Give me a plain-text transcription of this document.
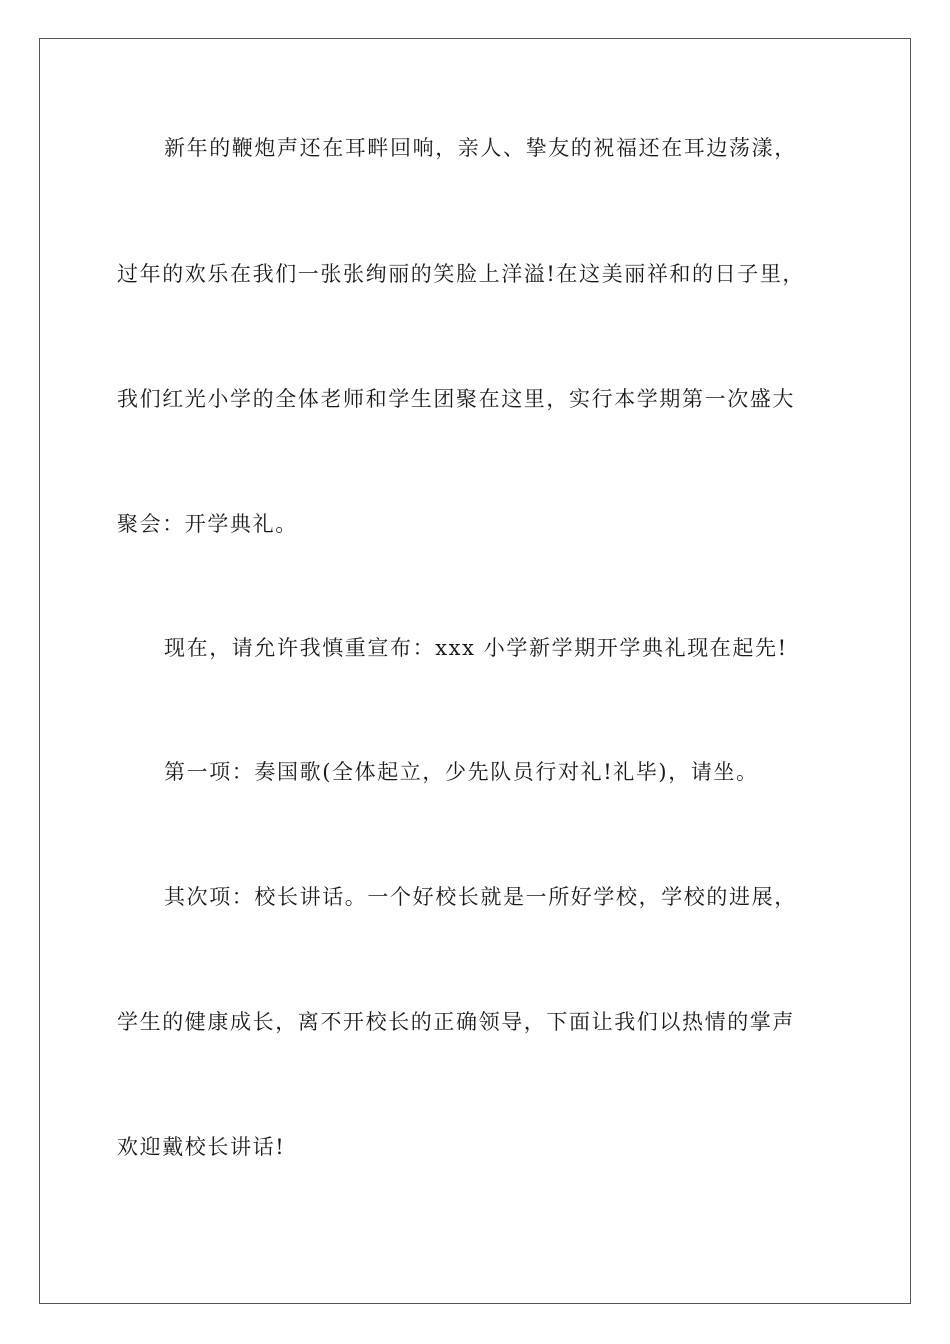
新年的鞭炮声还在耳畔回响，亲人、挚友的祝福还在耳边荡漾，

过年的欢乐在我们一张张绚丽的笑脸上洋溢!在这美丽祥和的日子里，

我们红光小学的全体老师和学生团聚在这里，实行本学期第一次盛大

聚会：开学典礼。

现在，请允许我慎重宣布：xxx 小学新学期开学典礼现在起先!

第一项：奏国歌(全体起立，少先队员行对礼!礼毕)，请坐。

其次项：校长讲话。一个好校长就是一所好学校，学校的进展，

学生的健康成长，离不开校长的正确领导，下面让我们以热情的掌声

欢迎戴校长讲话!
